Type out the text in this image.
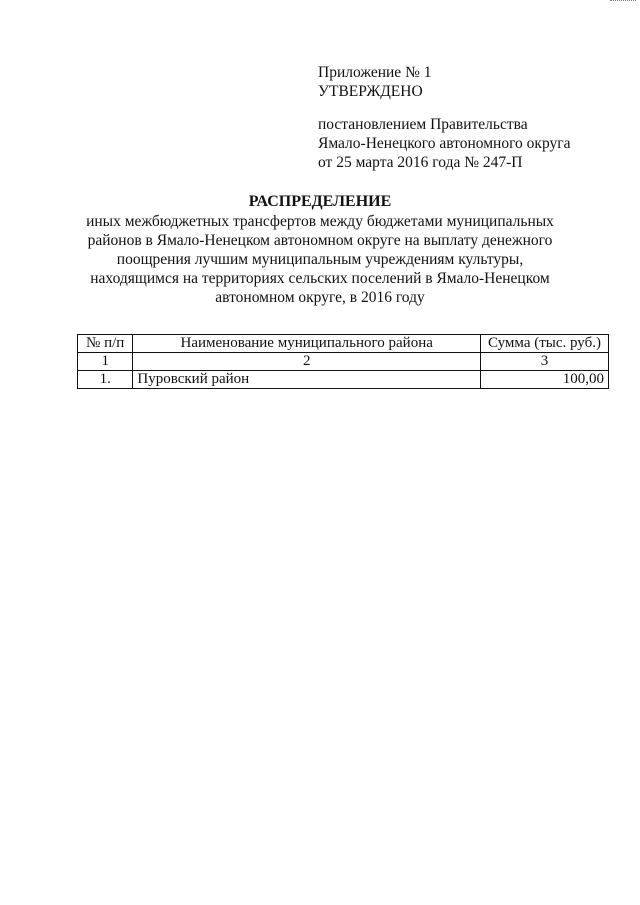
Приложение № 1
УТВЕРЖДЕНО
постановлением Правительства
Ямало-Ненецкого автономного округа
от 25 марта 2016 года № 247-П
РАСПРЕДЕЛЕНИЕ
иных межбюджетных трансфертов между бюджетами муниципальных
районов в Ямало-Ненецком автономном округе на выплату денежного
поощрения лучшим муниципальным учреждениям культуры,
находящимся на территориях сельских поселений в Ямало-Ненецком
автономном округе, в 2016 году
№ п/п	Наименование муниципального района	Сумма (тыс. руб.)
1	2	3
1.	Пуровский район	100,00
